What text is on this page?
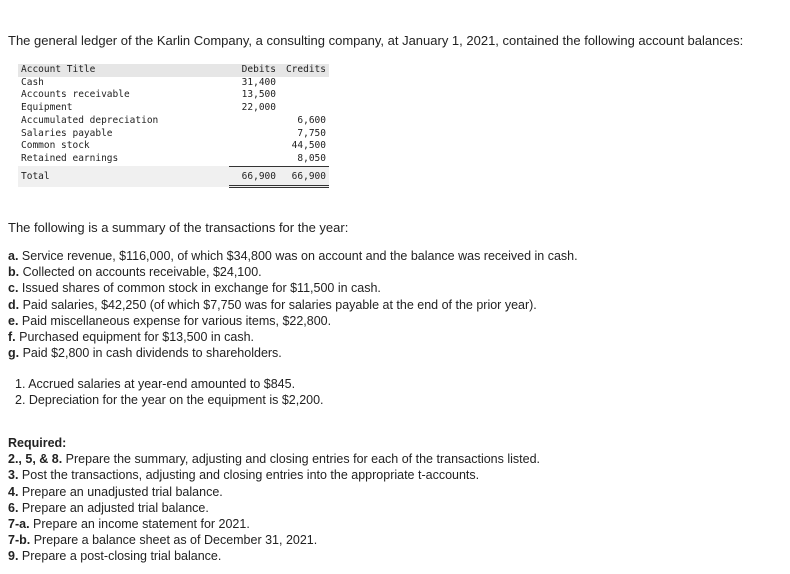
The general ledger of the Karlin Company, a consulting company, at January 1, 2021, contained the following account balances:
Account Title	Debits	Credits
Cash	31,400	
Accounts receivable	13,500	
Equipment	22,000	
Accumulated depreciation		6,600
Salaries payable		7,750
Common stock		44,500
Retained earnings		8,050
Total	66,900	66,900
The following is a summary of the transactions for the year:
a. Service revenue, $116,000, of which $34,800 was on account and the balance was received in cash.
b. Collected on accounts receivable, $24,100.
c. Issued shares of common stock in exchange for $11,500 in cash.
d. Paid salaries, $42,250 (of which $7,750 was for salaries payable at the end of the prior year).
e. Paid miscellaneous expense for various items, $22,800.
f. Purchased equipment for $13,500 in cash.
g. Paid $2,800 in cash dividends to shareholders.
1. Accrued salaries at year-end amounted to $845.
2. Depreciation for the year on the equipment is $2,200.
Required:
2., 5, & 8. Prepare the summary, adjusting and closing entries for each of the transactions listed.
3. Post the transactions, adjusting and closing entries into the appropriate t-accounts.
4. Prepare an unadjusted trial balance.
6. Prepare an adjusted trial balance.
7-a. Prepare an income statement for 2021.
7-b. Prepare a balance sheet as of December 31, 2021.
9. Prepare a post-closing trial balance.
